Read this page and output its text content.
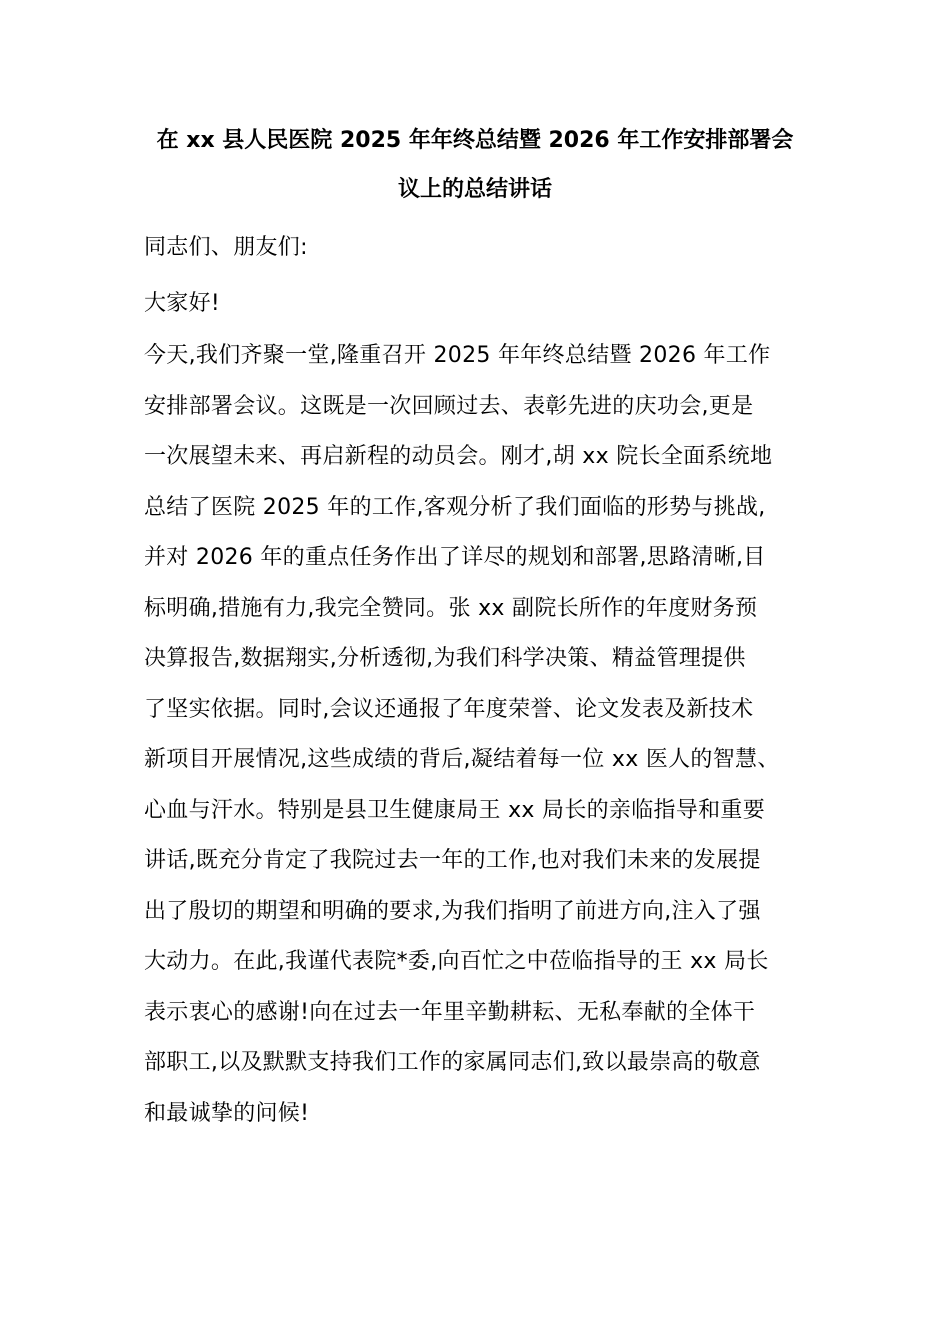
在 xx 县人民医院 2025 年年终总结暨 2026 年工作安排部署会
议上的总结讲话
同志们、朋友们:
大家好!
今天,我们齐聚一堂,隆重召开 2025 年年终总结暨 2026 年工作
安排部署会议。这既是一次回顾过去、表彰先进的庆功会,更是
一次展望未来、再启新程的动员会。刚才,胡 xx 院长全面系统地
总结了医院 2025 年的工作,客观分析了我们面临的形势与挑战,
并对 2026 年的重点任务作出了详尽的规划和部署,思路清晰,目
标明确,措施有力,我完全赞同。张 xx 副院长所作的年度财务预
决算报告,数据翔实,分析透彻,为我们科学决策、精益管理提供
了坚实依据。同时,会议还通报了年度荣誉、论文发表及新技术
新项目开展情况,这些成绩的背后,凝结着每一位 xx 医人的智慧、
心血与汗水。特别是县卫生健康局王 xx 局长的亲临指导和重要
讲话,既充分肯定了我院过去一年的工作,也对我们未来的发展提
出了殷切的期望和明确的要求,为我们指明了前进方向,注入了强
大动力。在此,我谨代表院*委,向百忙之中莅临指导的王 xx 局长
表示衷心的感谢!向在过去一年里辛勤耕耘、无私奉献的全体干
部职工,以及默默支持我们工作的家属同志们,致以最崇高的敬意
和最诚挚的问候!
